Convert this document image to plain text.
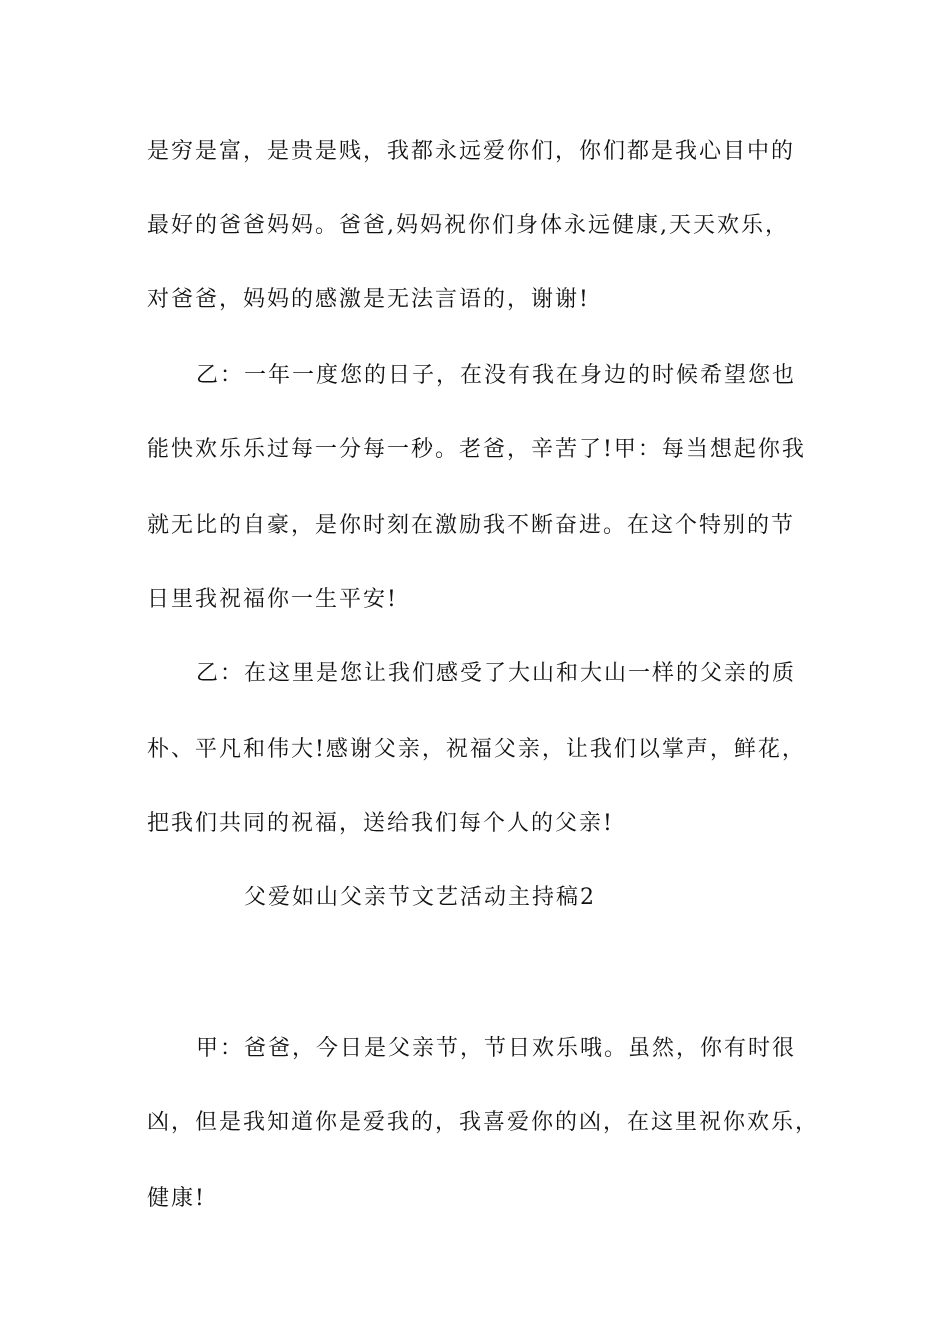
是穷是富，是贵是贱，我都永远爱你们，你们都是我心目中的
最好的爸爸妈妈。爸爸,妈妈祝你们身体永远健康,天天欢乐，
对爸爸，妈妈的感激是无法言语的，谢谢!
乙：一年一度您的日子，在没有我在身边的时候希望您也
能快欢乐乐过每一分每一秒。老爸，辛苦了!甲：每当想起你我
就无比的自豪，是你时刻在激励我不断奋进。在这个特别的节
日里我祝福你一生平安!
乙：在这里是您让我们感受了大山和大山一样的父亲的质
朴、平凡和伟大!感谢父亲，祝福父亲，让我们以掌声，鲜花，
把我们共同的祝福，送给我们每个人的父亲!
父爱如山父亲节文艺活动主持稿2
甲：爸爸，今日是父亲节，节日欢乐哦。虽然，你有时很
凶，但是我知道你是爱我的，我喜爱你的凶，在这里祝你欢乐，
健康!
